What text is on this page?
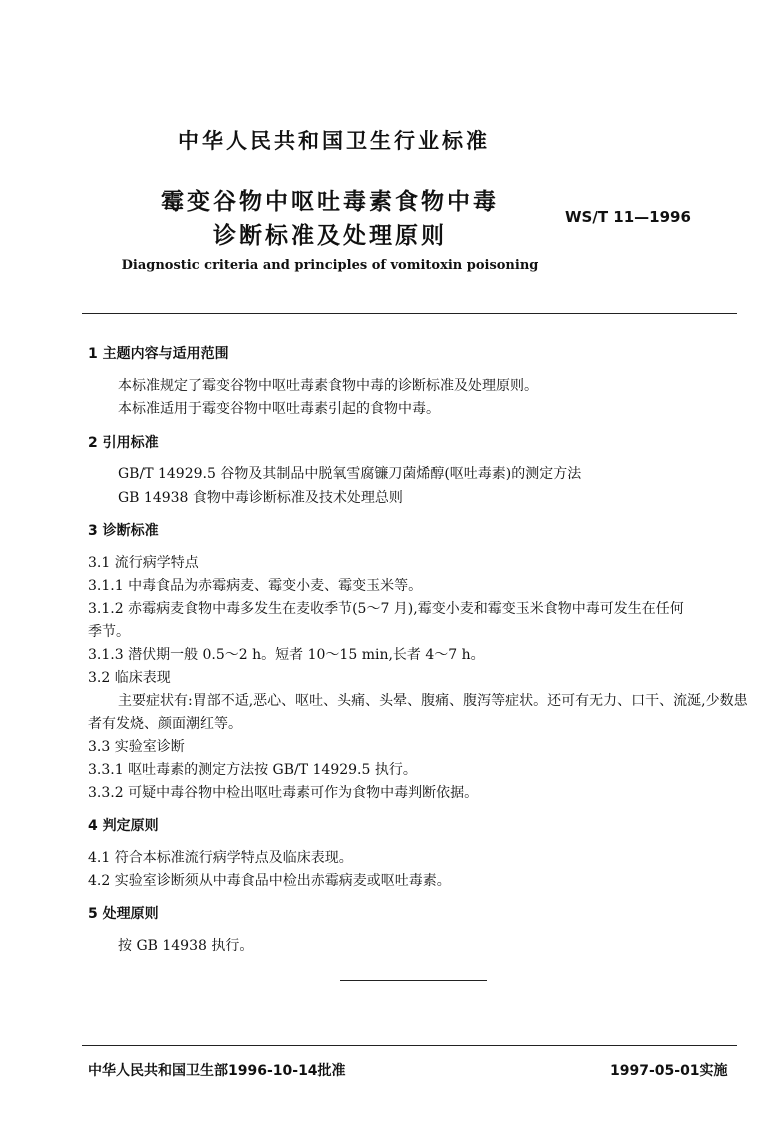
中华人民共和国卫生行业标准
霉变谷物中呕吐毒素食物中毒
诊断标准及处理原则
WS/T 11—1996
Diagnostic criteria and principles of vomitoxin poisoning
1 主题内容与适用范围
本标准规定了霉变谷物中呕吐毒素食物中毒的诊断标准及处理原则。
本标准适用于霉变谷物中呕吐毒素引起的食物中毒。
2 引用标准
GB/T 14929.5 谷物及其制品中脱氧雪腐镰刀菌烯醇(呕吐毒素)的测定方法
GB 14938 食物中毒诊断标准及技术处理总则
3 诊断标准
3.1 流行病学特点
3.1.1 中毒食品为赤霉病麦、霉变小麦、霉变玉米等。
3.1.2 赤霉病麦食物中毒多发生在麦收季节(5～7 月),霉变小麦和霉变玉米食物中毒可发生在任何
季节。
3.1.3 潜伏期一般 0.5～2 h。短者 10～15 min,长者 4～7 h。
3.2 临床表现
主要症状有:胃部不适,恶心、呕吐、头痛、头晕、腹痛、腹泻等症状。还可有无力、口干、流涎,少数患
者有发烧、颜面潮红等。
3.3 实验室诊断
3.3.1 呕吐毒素的测定方法按 GB/T 14929.5 执行。
3.3.2 可疑中毒谷物中检出呕吐毒素可作为食物中毒判断依据。
4 判定原则
4.1 符合本标准流行病学特点及临床表现。
4.2 实验室诊断须从中毒食品中检出赤霉病麦或呕吐毒素。
5 处理原则
按 GB 14938 执行。
中华人民共和国卫生部1996-10-14批准	1997-05-01实施
